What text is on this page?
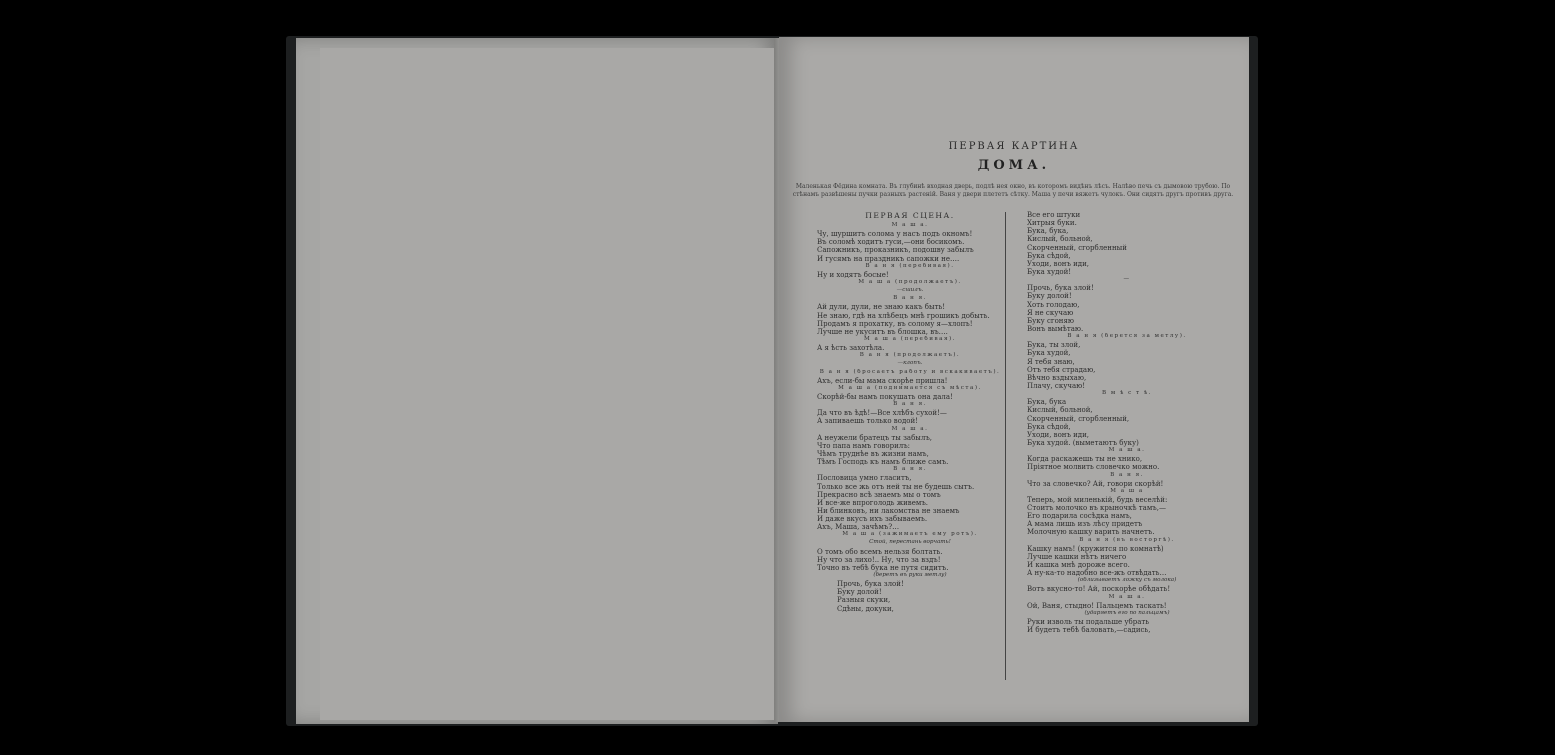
ПЕРВАЯ КАРТИНА
ДОМА.
Маленькая Фёдина комната. Въ глубинѣ входная дверь, подлѣ нея окно, въ которомъ видѣнъ лѣсъ. Налѣво печь съ дымовою трубою. По стѣнамъ развѣшены пучки разныхъ растеній. Ваня у двери плететъ сѣтку. Маша у печи вяжетъ чулокъ. Они сидятъ другъ противъ друга.
ПЕРВАЯ СЦЕНА.
М а ш а.
Чу, шуршитъ солома у насъ подъ окномъ!
Въ соломѣ ходитъ гуси,—они босикомъ.
Сапожникъ, проказникъ, подошву забылъ
И гусямъ на праздникъ сапожки не….
В а н я (перебивая).
Ну и ходятъ босые!
М а ш а (продолжаетъ).
—сшилъ.
В а н я.
Ай дули, дули, не знаю какъ быть!
Не знаю, гдѣ на хлѣбецъ мнѣ грошикъ добыть.
Продамъ я прохатку, въ солому я—хлопъ!
Лучше не укуситъ въ блошка, въ….
М а ш а (перебивая).
А я ѣсть захотѣла.
В а н я (продолжаетъ).
—клопъ.
В а н я (бросаетъ работу и вскакиваетъ).
Ахъ, если-бы мама скорѣе пришла!
М а ш а (поднимается съ мѣста).
Скорѣй-бы намъ покушать она дала!
В а н я.
Да что въ ѣдѣ!—Все хлѣбъ сухой!—
А запиваешь только водой!
М а ш а.
А неужели братецъ ты забылъ,
Что папа намъ говорилъ:
Чѣмъ труднѣе въ жизни намъ,
Тѣмъ Господь къ намъ ближе самъ.
В а н я.
Пословица умно гласитъ,
Только все жь отъ ней ты не будешь сытъ.
Прекрасно всѣ знаемъ мы о томъ
И все-же впроголодь живемъ.
Ни блинковъ, ни лакомства не знаемъ
И даже вкусъ ихъ забываемъ.
Ахъ, Маша, зачѣмъ?…
М а ш а (зажимаетъ ему ротъ).
Стой, перестань ворчать!
О томъ обо всемъ нельзя болтать.
Ну что за лихо!.. Ну, что за вздъ!
Точно въ тебѣ бука не путя сидитъ.
(беретъ въ руки метлу)
Прочь, бука злой!
Буку долой!
Разныя скуки,
Сдѣны, докуки,
Все его штуки
Хитрыя буки.
Бука, бука,
Кислый, больной,
Скорченный, сгорбленный
Бука сѣдой,
Уходи, вонъ иди,
Бука худой!
—
Прочь, бука злой!
Буку долой!
Хоть голодаю,
Я не скучаю
Буку сгоняю
Вонъ вымѣтаю.
В а н я (берется за метлу).
Бука, ты злой,
Бука худой,
Я тебя знаю,
Отъ тебя страдаю,
Вѣчно вздыхаю,
Плачу, скучаю!
В м ѣ с т ѣ.
Бука, бука
Кислый, больной,
Скорченный, сгорбленный,
Бука сѣдой,
Уходи, вонъ иди,
Бука худой. (выметаютъ буку)
М а ш а.
Когда раскажешь ты не хнико,
Пріятное молвить словечко можно.
В а н я.
Что за словечко? Ай, говори скорѣй!
М а ш а
Теперь, мой миленькій, будь веселѣй:
Стоитъ молочко въ крыночкѣ тамъ,—
Его подарила сосѣдка намъ,
А мама лишь изъ лѣсу придетъ
Молочную кашку варить начнетъ.
В а н я (въ восторгѣ).
Кашку намъ! (кружится по комнатѣ)
Лучше кашки нѣтъ ничего
И кашка мнѣ дороже всего.
А ну-ка-то надобно все-жъ отвѣдать…
(облизываетъ ложку съ молока)
Вотъ вкусно-то! Ай, поскорѣе обѣдать!
М а ш а.
Ой, Ваня, стыдно! Пальцемъ таскать!
(ударяетъ его по пальцамъ)
Руки изволь ты подальше убрать
И будетъ тебѣ баловать,—садись,
